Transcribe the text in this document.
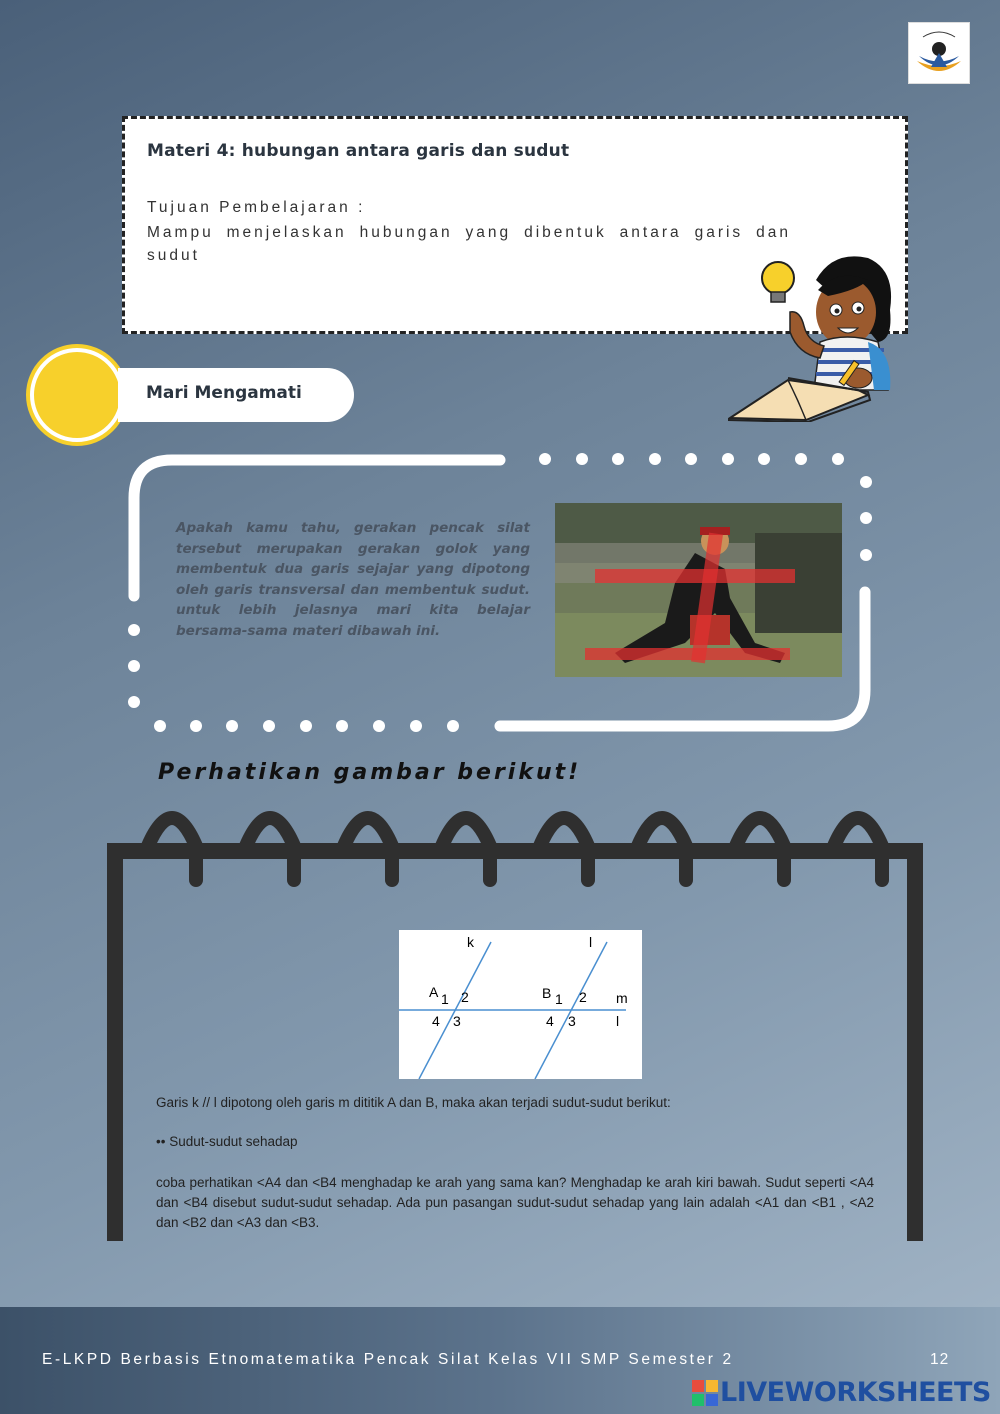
Materi 4: hubungan antara garis dan sudut
Tujuan Pembelajaran :
Mampu menjelaskan hubungan yang dibentuk antara garis dan sudut
Mari Mengamati
Apakah kamu tahu, gerakan pencak silat tersebut merupakan gerakan golok yang membentuk dua garis sejajar yang dipotong oleh garis transversal dan membentuk sudut. untuk lebih jelasnya mari kita belajar bersama-sama materi dibawah ini.
Perhatikan gambar berikut!
k	l
m
l
A 1 2
4 3
B 1 2
4 3
Garis k // l dipotong oleh garis m dititik A dan B, maka akan terjadi sudut-sudut berikut:
•• Sudut-sudut sehadap
coba perhatikan <A4 dan <B4 menghadap ke arah yang sama kan? Menghadap ke arah kiri bawah. Sudut seperti <A4 dan <B4 disebut sudut-sudut sehadap. Ada pun pasangan sudut-sudut sehadap yang lain adalah <A1 dan <B1 , <A2 dan <B2 dan <A3 dan <B3.
E-LKPD Berbasis Etnomatematika Pencak Silat Kelas VII SMP Semester 2	12
LIVEWORKSHEETS
